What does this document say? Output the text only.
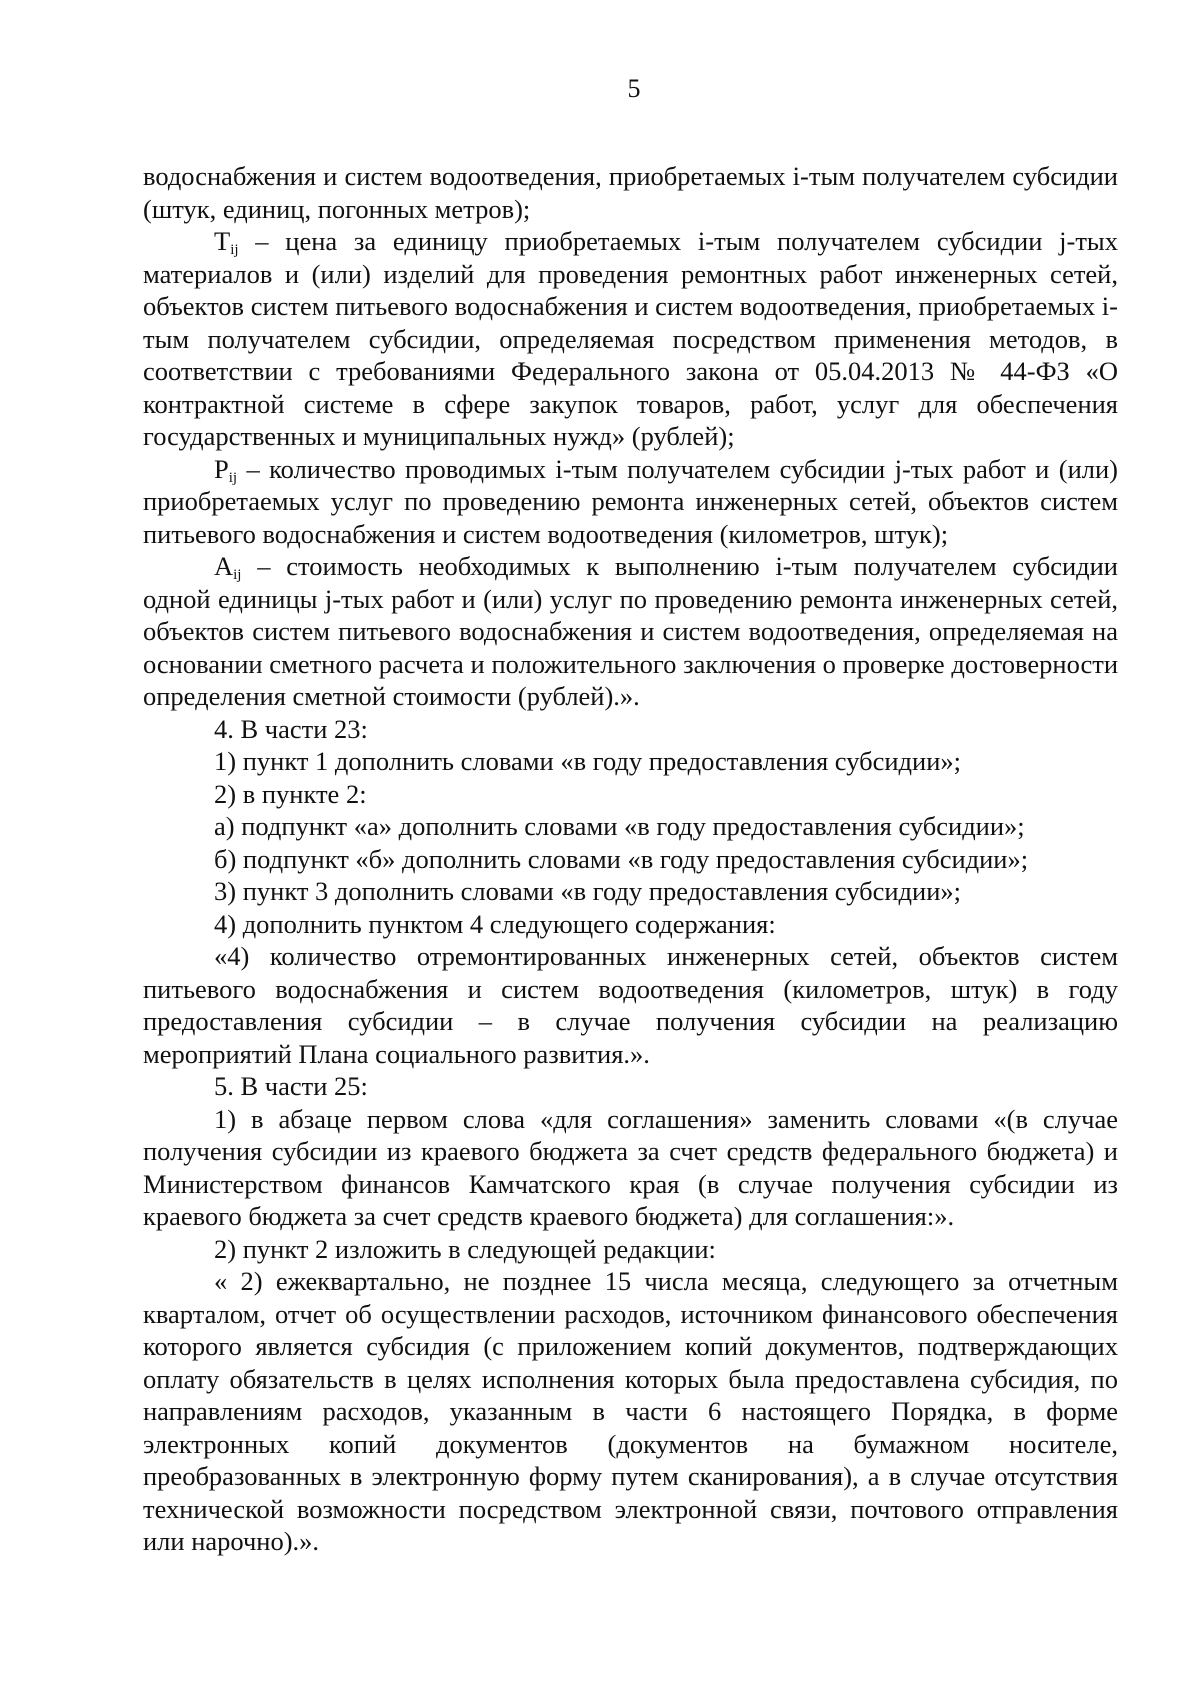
5

водоснабжения и систем водоотведения, приобретаемых i-тым получателем субсидии (штук, единиц, погонных метров);

$T_{ij}$ – цена за единицу приобретаемых i-тым получателем субсидии j-тых материалов и (или) изделий для проведения ремонтных работ инженерных сетей, объектов систем питьевого водоснабжения и систем водоотведения, приобретаемых i-тым получателем субсидии, определяемая посредством применения методов, в соответствии с требованиями Федерального закона от 05.04.2013 № 44-ФЗ «О контрактной системе в сфере закупок товаров, работ, услуг для обеспечения государственных и муниципальных нужд» (рублей);

$P_{ij}$ – количество проводимых i-тым получателем субсидии j-тых работ и (или) приобретаемых услуг по проведению ремонта инженерных сетей, объектов систем питьевого водоснабжения и систем водоотведения (километров, штук);

$A_{ij}$ – стоимость необходимых к выполнению i-тым получателем субсидии одной единицы j-тых работ и (или) услуг по проведению ремонта инженерных сетей, объектов систем питьевого водоснабжения и систем водоотведения, определяемая на основании сметного расчета и положительного заключения о проверке достоверности определения сметной стоимости (рублей).».

4. В части 23:

1) пункт 1 дополнить словами «в году предоставления субсидии»;

2) в пункте 2:

а) подпункт «а» дополнить словами «в году предоставления субсидии»;

б) подпункт «б» дополнить словами «в году предоставления субсидии»;

3) пункт 3 дополнить словами «в году предоставления субсидии»;

4) дополнить пунктом 4 следующего содержания:

«4) количество отремонтированных инженерных сетей, объектов систем питьевого водоснабжения и систем водоотведения (километров, штук) в году предоставления субсидии – в случае получения субсидии на реализацию мероприятий Плана социального развития.».

5. В части 25:

1) в абзаце первом слова «для соглашения» заменить словами «(в случае получения субсидии из краевого бюджета за счет средств федерального бюджета) и Министерством финансов Камчатского края (в случае получения субсидии из краевого бюджета за счет средств краевого бюджета) для соглашения:».

2) пункт 2 изложить в следующей редакции:

« 2) ежеквартально, не позднее 15 числа месяца, следующего за отчетным кварталом, отчет об осуществлении расходов, источником финансового обеспечения которого является субсидия (с приложением копий документов, подтверждающих оплату обязательств в целях исполнения которых была предоставлена субсидия, по направлениям расходов, указанным в части 6 настоящего Порядка, в форме электронных копий документов (документов на бумажном носителе, преобразованных в электронную форму путем сканирования), а в случае отсутствия технической возможности посредством электронной связи, почтового отправления или нарочно).».
